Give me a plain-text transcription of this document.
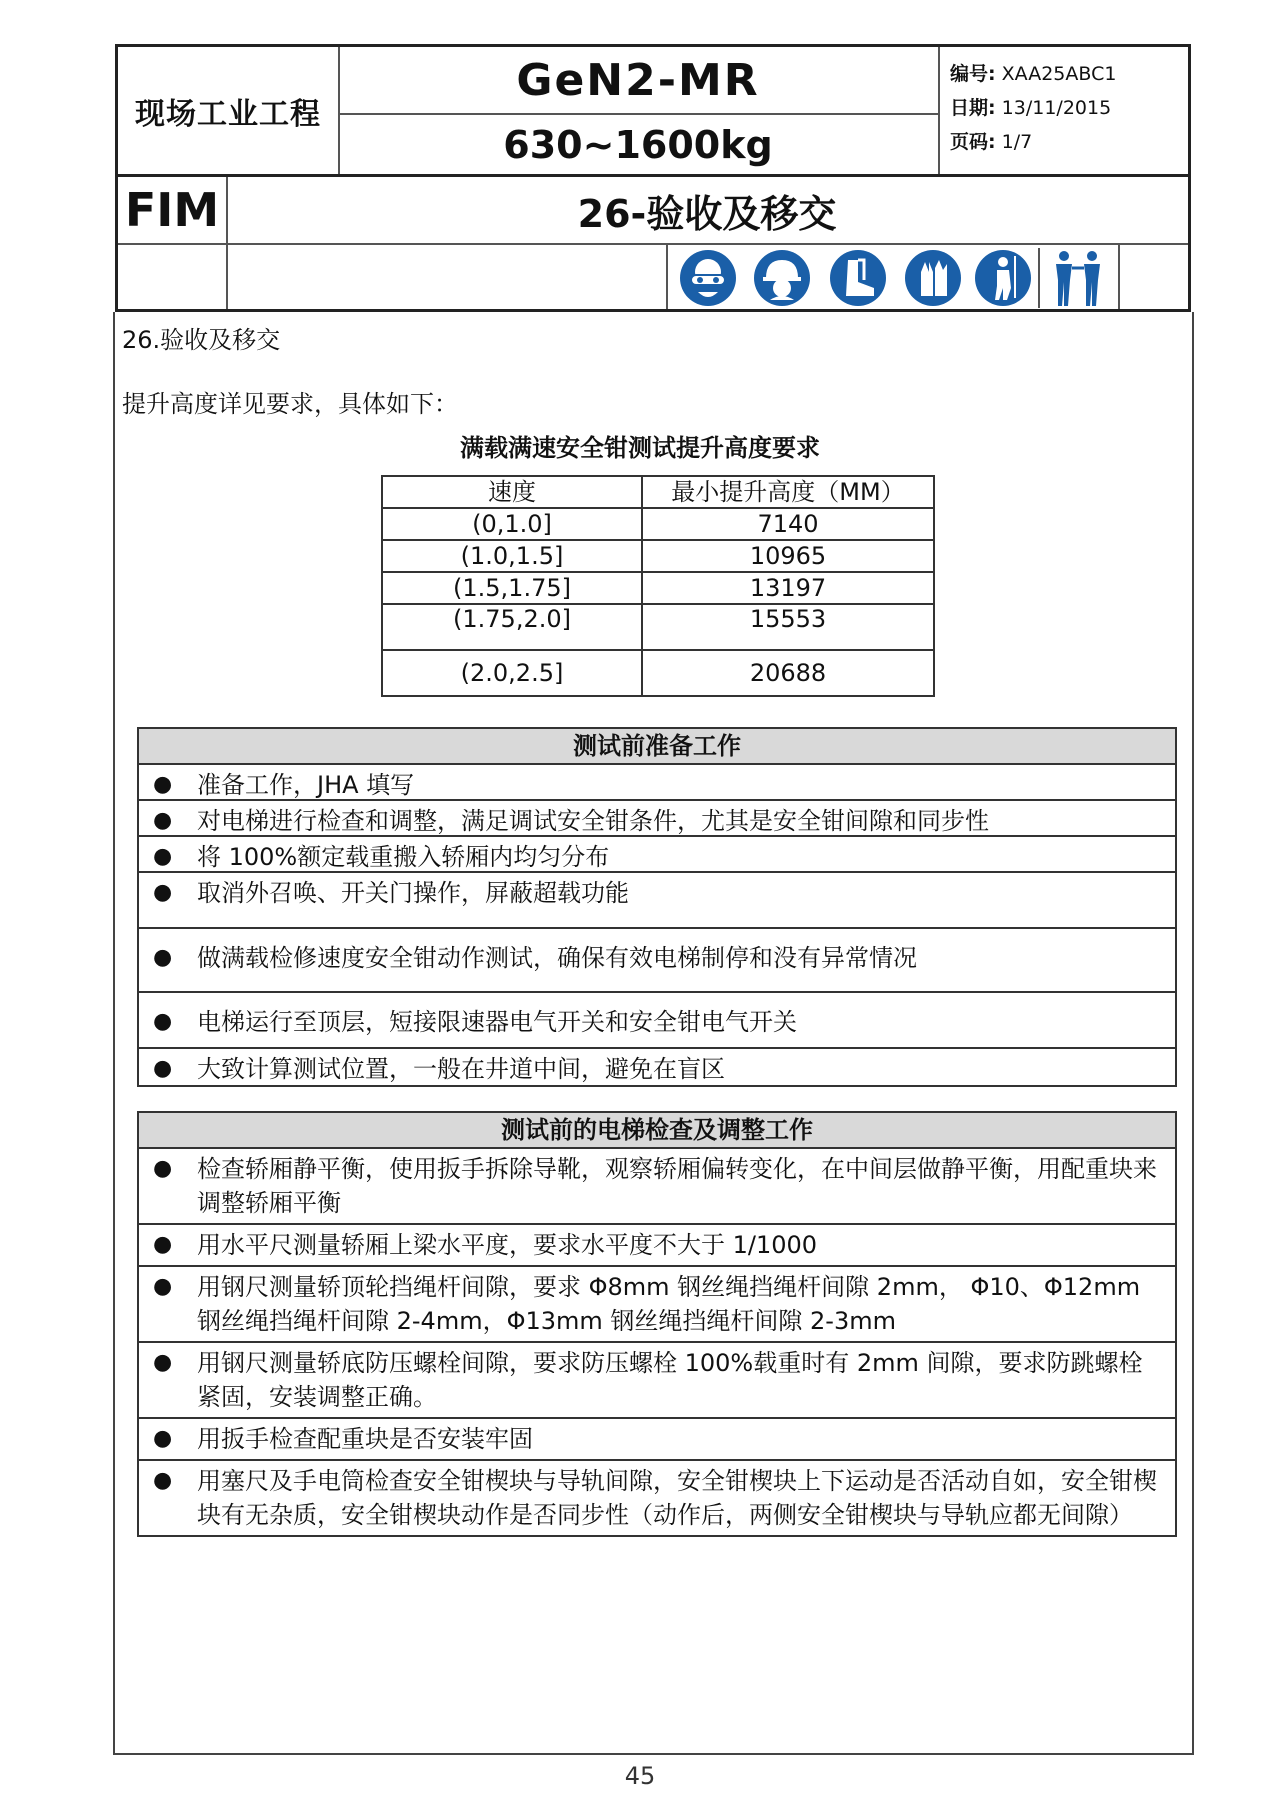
现场工业工程
GeN2-MR
630~1600kg
编号: XAA25ABC1
日期: 13/11/2015
页码: 1/7
FIM	26-验收及移交
26.验收及移交
提升高度详见要求，具体如下：
满载满速安全钳测试提升高度要求
速度	最小提升高度（MM）
(0,1.0]	7140
(1.0,1.5]	10965
(1.5,1.75]	13197
(1.75,2.0]	15553
(2.0,2.5]	20688
测试前准备工作
● 准备工作，JHA 填写
● 对电梯进行检查和调整，满足调试安全钳条件，尤其是安全钳间隙和同步性
● 将 100%额定载重搬入轿厢内均匀分布
● 取消外召唤、开关门操作，屏蔽超载功能
● 做满载检修速度安全钳动作测试，确保有效电梯制停和没有异常情况
● 电梯运行至顶层，短接限速器电气开关和安全钳电气开关
● 大致计算测试位置，一般在井道中间，避免在盲区
测试前的电梯检查及调整工作
● 检查轿厢静平衡，使用扳手拆除导靴，观察轿厢偏转变化，在中间层做静平衡，用配重块来调整轿厢平衡
● 用水平尺测量轿厢上梁水平度，要求水平度不大于 1/1000
● 用钢尺测量轿顶轮挡绳杆间隙，要求 Φ8mm 钢丝绳挡绳杆间隙 2mm， Φ10、Φ12mm 钢丝绳挡绳杆间隙 2-4mm，Φ13mm 钢丝绳挡绳杆间隙 2-3mm
● 用钢尺测量轿底防压螺栓间隙，要求防压螺栓 100%载重时有 2mm 间隙，要求防跳螺栓紧固，安装调整正确。
● 用扳手检查配重块是否安装牢固
● 用塞尺及手电筒检查安全钳楔块与导轨间隙，安全钳楔块上下运动是否活动自如，安全钳楔块有无杂质，安全钳楔块动作是否同步性（动作后，两侧安全钳楔块与导轨应都无间隙）
45
